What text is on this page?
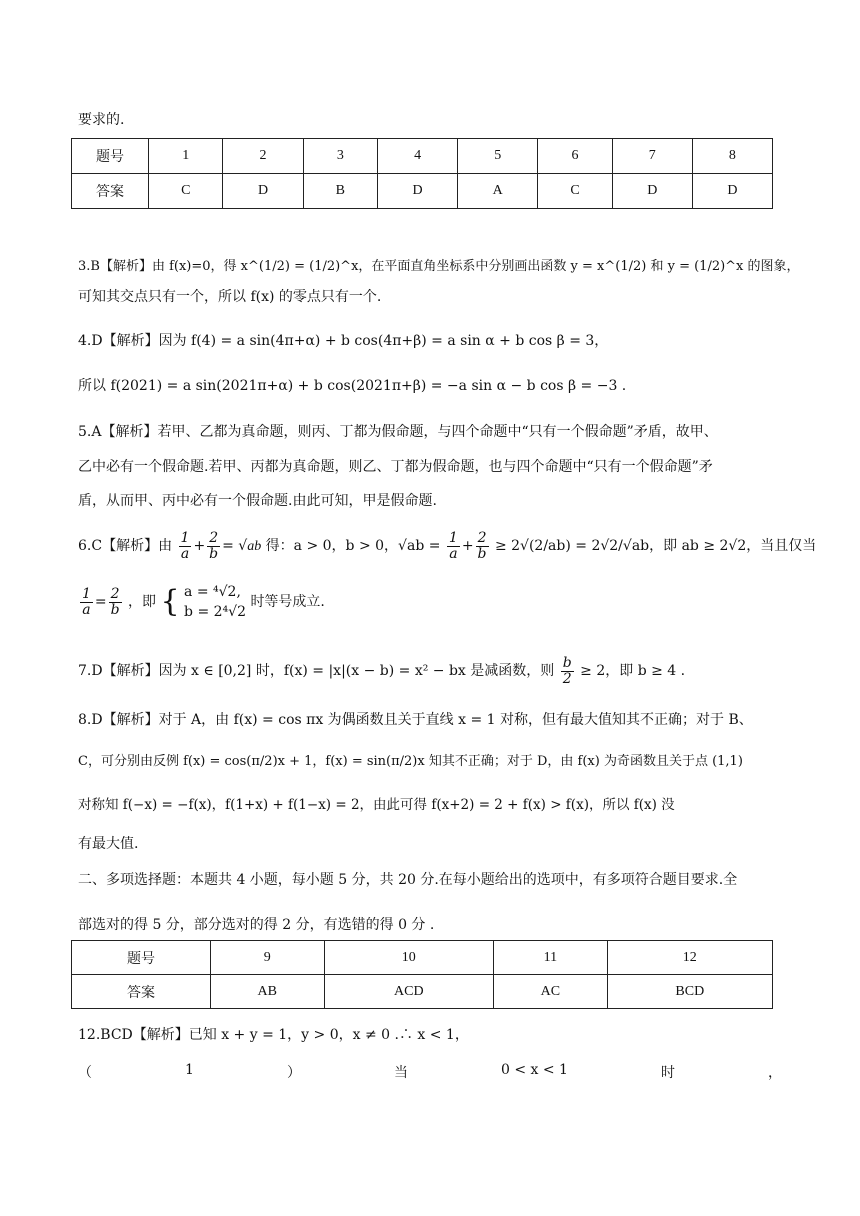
要求的.
题号	1	2	3	4	5	6	7	8
答案	C	D	B	D	A	C	D	D
3.B【解析】由 f(x)=0，得 x^(1/2) = (1/2)^x，在平面直角坐标系中分别画出函数 y = x^(1/2) 和 y = (1/2)^x 的图象，
可知其交点只有一个，所以 f(x) 的零点只有一个.
4.D【解析】因为 f(4) = a sin(4π+α) + b cos(4π+β) = a sin α + b cos β = 3，
所以 f(2021) = a sin(2021π+α) + b cos(2021π+β) = −a sin α − b cos β = −3 .
5.A【解析】若甲、乙都为真命题，则丙、丁都为假命题，与四个命题中“只有一个假命题”矛盾，故甲、
乙中必有一个假命题.若甲、丙都为真命题，则乙、丁都为假命题，也与四个命题中“只有一个假命题”矛
盾，从而甲、丙中必有一个假命题.由此可知，甲是假命题.
6.C【解析】由 $\frac{1}{a} + \frac{2}{b} = √ab$ 得：a > 0，b > 0，$√ab = \frac{1}{a} + \frac{2}{b} \ge 2√(2/ab) = 2√2/√ab$，即 ab ≥ 2√2，当且仅当
$\frac{1}{a} = \frac{2}{b}$ ，即 { a = ⁴√2,
b = 2⁴√2
时等号成立.
7.D【解析】因为 x ∈ [0,2] 时，f(x) = |x|(x − b) = x² − bx 是减函数，则 $\frac{b}{2} \ge 2$，即 b ≥ 4 .
8.D【解析】对于 A，由 f(x) = cos πx 为偶函数且关于直线 x = 1 对称，但有最大值知其不正确；对于 B、
C，可分别由反例 f(x) = cos(π/2)x + 1，f(x) = sin(π/2)x 知其不正确；对于 D，由 f(x) 为奇函数且关于点 (1,1)
对称知 f(−x) = −f(x)，f(1+x) + f(1−x) = 2，由此可得 f(x+2) = 2 + f(x) > f(x)，所以 f(x) 没
有最大值.
二、多项选择题：本题共 4 小题，每小题 5 分，共 20 分.在每小题给出的选项中，有多项符合题目要求.全
部选对的得 5 分，部分选对的得 2 分，有选错的得 0 分 .
题号	9	10	11	12
答案	AB	ACD	AC	BCD
12.BCD【解析】已知 x + y = 1，y > 0，x ≠ 0 .∴ x < 1，
（	1	）	当	0 < x < 1	时	，
